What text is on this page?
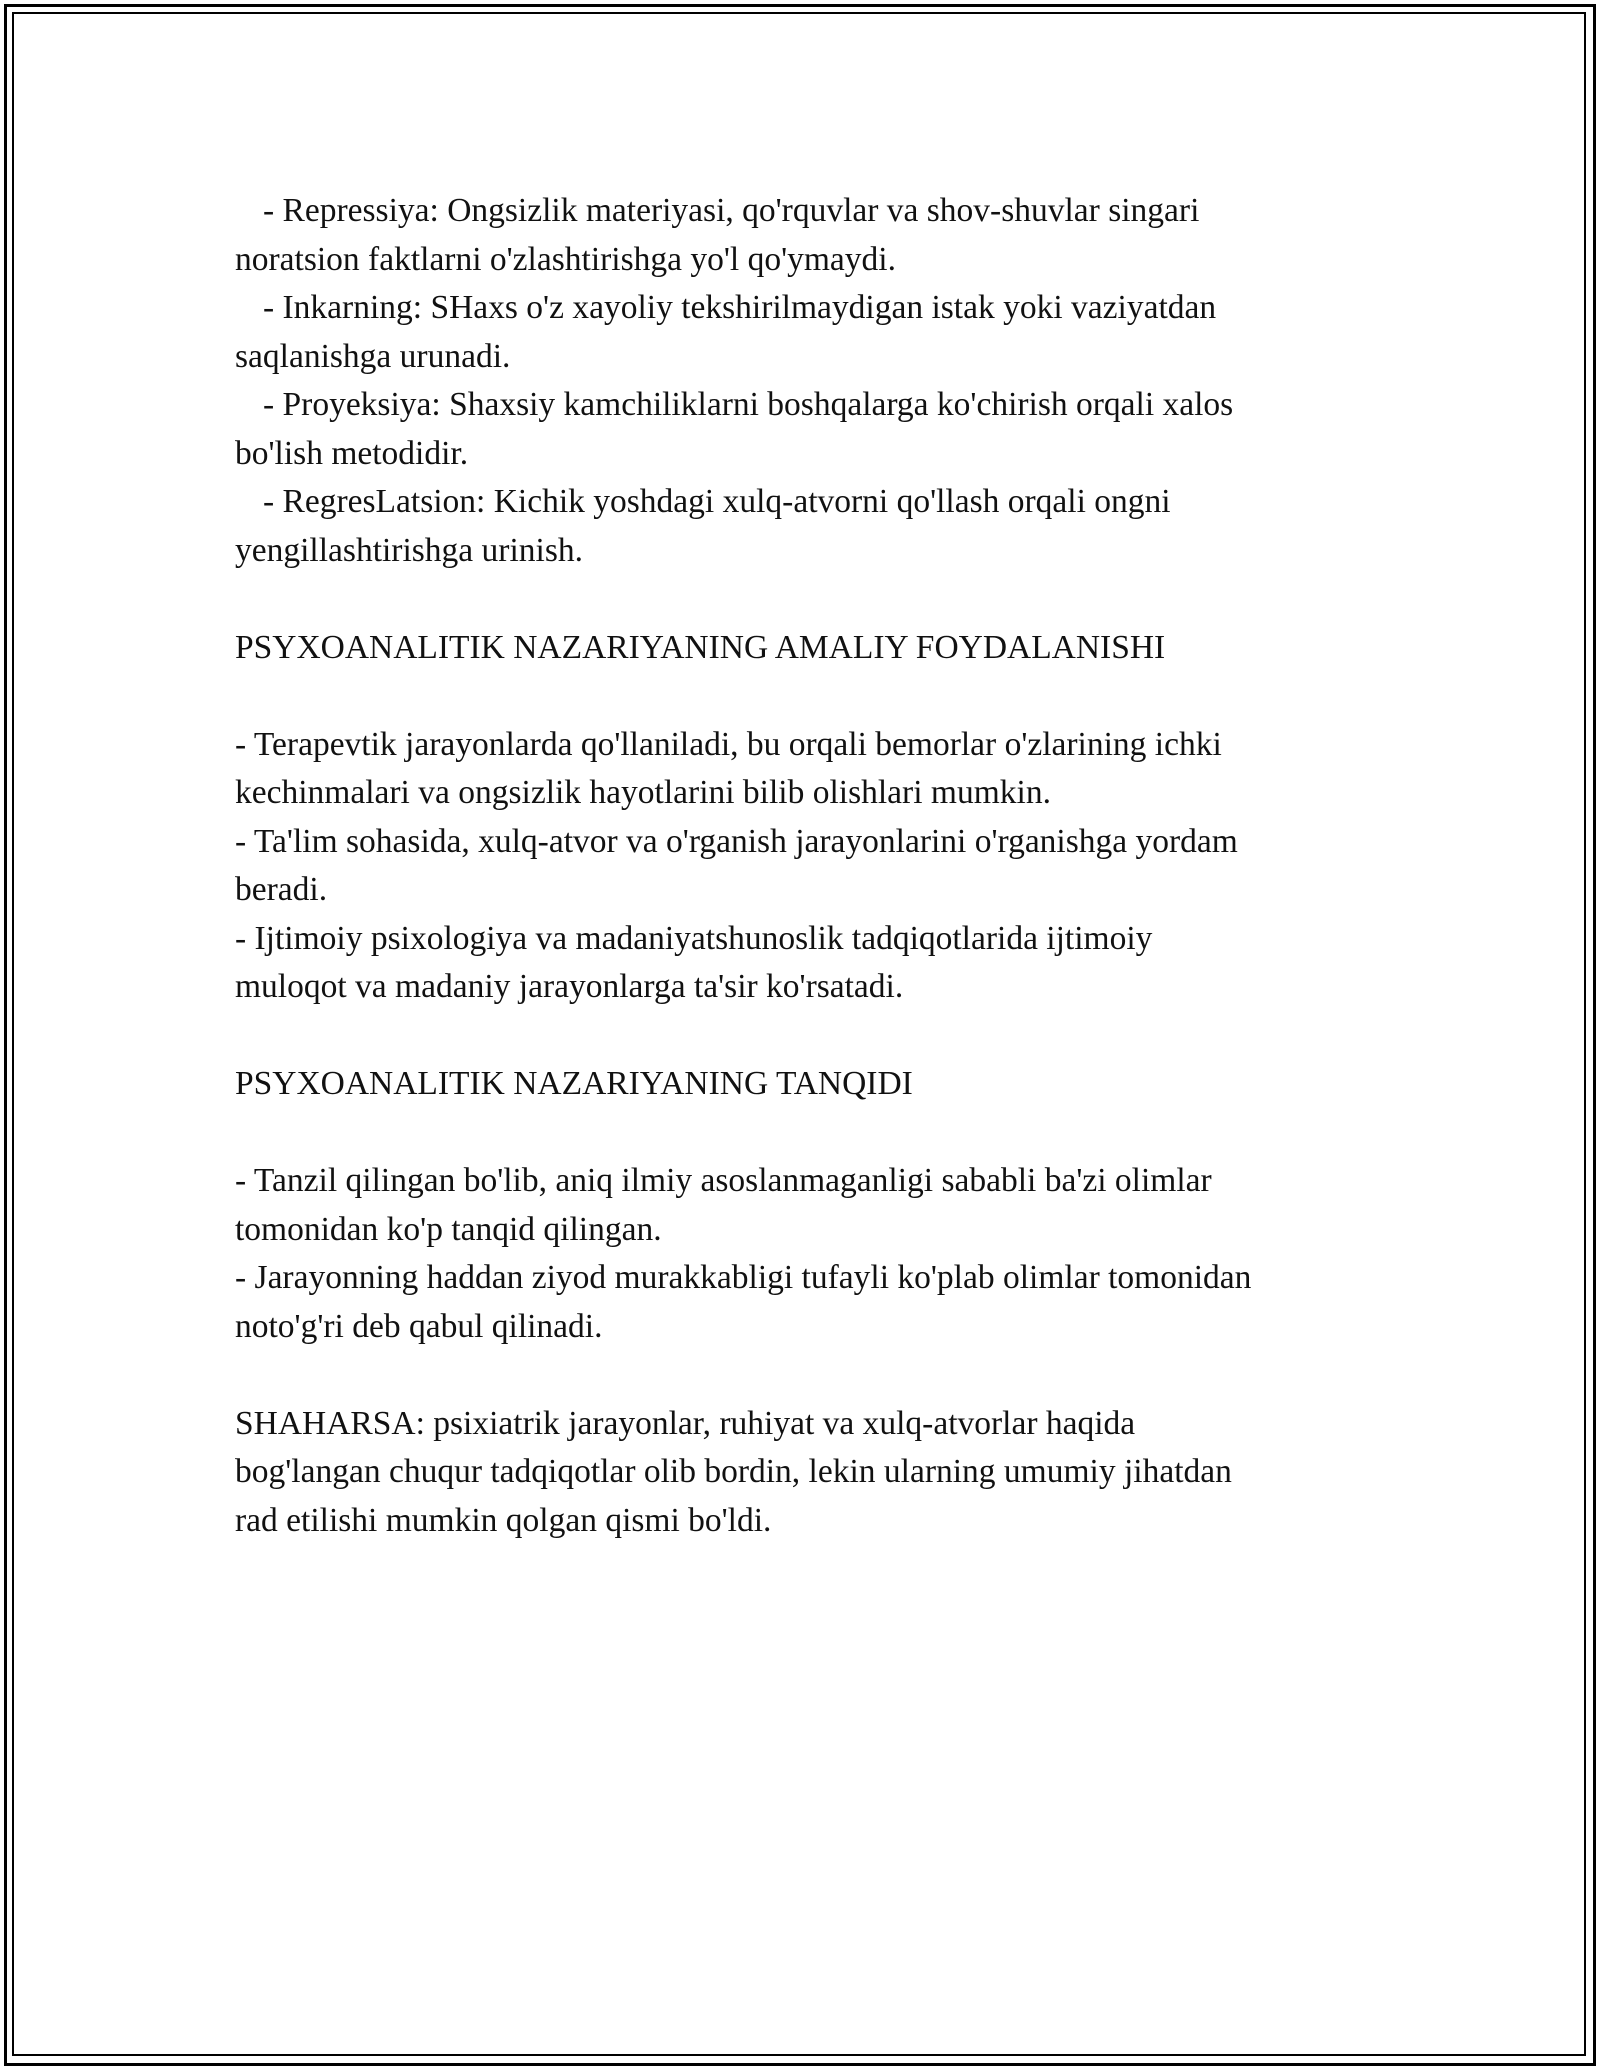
- Repressiya: Ongsizlik materiyasi, qo'rquvlar va shov-shuvlar singari
noratsion faktlarni o'zlashtirishga yo'l qo'ymaydi.
- Inkarning: SHaxs o'z xayoliy tekshirilmaydigan istak yoki vaziyatdan
saqlanishga urunadi.
- Proyeksiya: Shaxsiy kamchiliklarni boshqalarga ko'chirish orqali xalos
bo'lish metodidir.
- RegresLatsion: Kichik yoshdagi xulq-atvorni qo'llash orqali ongni
yengillashtirishga urinish.
PSYXOANALITIK NAZARIYANING AMALIY FOYDALANISHI
- Terapevtik jarayonlarda qo'llaniladi, bu orqali bemorlar o'zlarining ichki
kechinmalari va ongsizlik hayotlarini bilib olishlari mumkin.
- Ta'lim sohasida, xulq-atvor va o'rganish jarayonlarini o'rganishga yordam
beradi.
- Ijtimoiy psixologiya va madaniyatshunoslik tadqiqotlarida ijtimoiy
muloqot va madaniy jarayonlarga ta'sir ko'rsatadi.
PSYXOANALITIK NAZARIYANING TANQIDI
- Tanzil qilingan bo'lib, aniq ilmiy asoslanmaganligi sababli ba'zi olimlar
tomonidan ko'p tanqid qilingan.
- Jarayonning haddan ziyod murakkabligi tufayli ko'plab olimlar tomonidan
noto'g'ri deb qabul qilinadi.
SHAHARSA: psixiatrik jarayonlar, ruhiyat va xulq-atvorlar haqida
bog'langan chuqur tadqiqotlar olib bordin, lekin ularning umumiy jihatdan
rad etilishi mumkin qolgan qismi bo'ldi.
